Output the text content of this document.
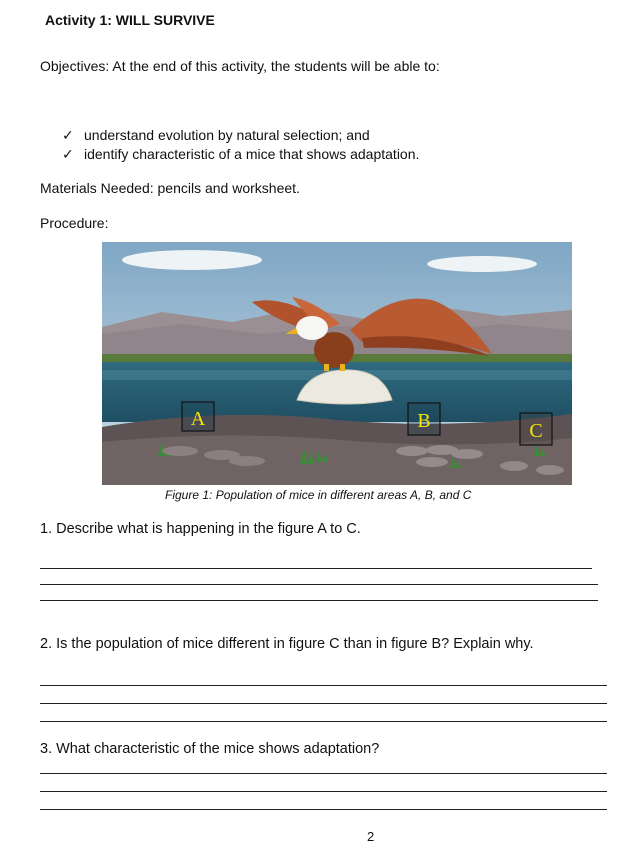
Activity 1: WILL SURVIVE
Objectives: At the end of this activity, the students will be able to:
✓ understand evolution by natural selection; and
✓ identify characteristic of a mice that shows adaptation.
Materials Needed: pencils and worksheet.
Procedure:
A	B	C
Figure 1: Population of mice in different areas A, B, and C
1. Describe what is happening in the figure A to C.
2. Is the population of mice different in figure C than in figure B? Explain why.
3. What characteristic of the mice shows adaptation?
2
